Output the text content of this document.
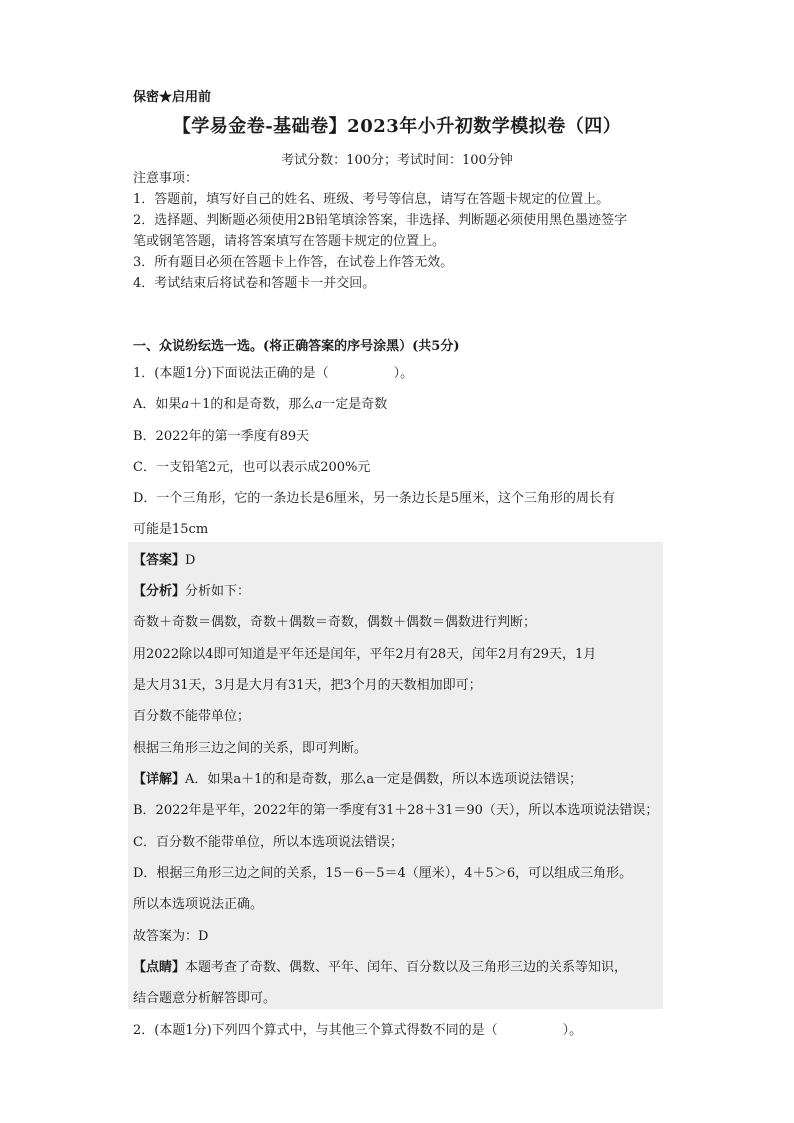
保密★启用前
【学易金卷-基础卷】2023年小升初数学模拟卷（四）
考试分数：100分；考试时间：100分钟
注意事项：
1．答题前，填写好自己的姓名、班级、考号等信息，请写在答题卡规定的位置上。
2．选择题、判断题必须使用2B铅笔填涂答案，非选择、判断题必须使用黑色墨迹签字
笔或钢笔答题，请将答案填写在答题卡规定的位置上。
3．所有题目必须在答题卡上作答，在试卷上作答无效。
4．考试结束后将试卷和答题卡一并交回。
一、众说纷纭选一选。(将正确答案的序号涂黑）(共5分)
1．(本题1分)下面说法正确的是（　　　　　）。
A．如果a＋1的和是奇数，那么a一定是奇数
B．2022年的第一季度有89天
C．一支铅笔2元，也可以表示成200%元
D．一个三角形，它的一条边长是6厘米，另一条边长是5厘米，这个三角形的周长有
可能是15cm
【答案】D
【分析】分析如下：
奇数＋奇数＝偶数，奇数＋偶数＝奇数，偶数＋偶数＝偶数进行判断；
用2022除以4即可知道是平年还是闰年，平年2月有28天，闰年2月有29天，1月
是大月31天，3月是大月有31天，把3个月的天数相加即可；
百分数不能带单位；
根据三角形三边之间的关系，即可判断。
【详解】A．如果a＋1的和是奇数，那么a一定是偶数，所以本选项说法错误；
B．2022年是平年，2022年的第一季度有31＋28＋31＝90（天），所以本选项说法错误；
C．百分数不能带单位，所以本选项说法错误；
D．根据三角形三边之间的关系，15－6－5＝4（厘米），4＋5＞6，可以组成三角形。
所以本选项说法正确。
故答案为：D
【点睛】本题考查了奇数、偶数、平年、闰年、百分数以及三角形三边的关系等知识，
结合题意分析解答即可。
2．(本题1分)下列四个算式中，与其他三个算式得数不同的是（　　　　　）。
